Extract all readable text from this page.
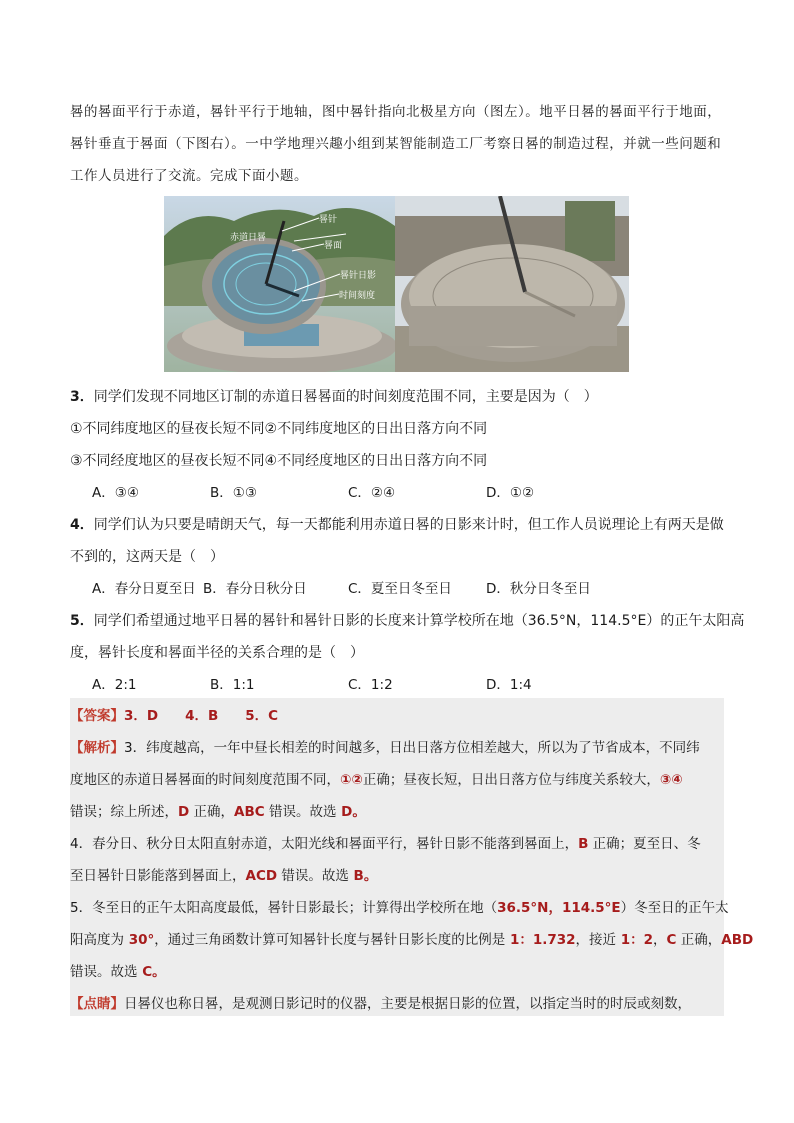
晷的晷面平行于赤道，晷针平行于地轴，图中晷针指向北极星方向（图左）。地平日晷的晷面平行于地面，

晷针垂直于晷面（下图右）。一中学地理兴趣小组到某智能制造工厂考察日晷的制造过程，并就一些问题和

工作人员进行了交流。完成下面小题。

晷针
赤道日晷
晷面
晷针日影
时间刻度
3．同学们发现不同地区订制的赤道日晷晷面的时间刻度范围不同，主要是因为（　）
①不同纬度地区的昼夜长短不同②不同纬度地区的日出日落方向不同
③不同经度地区的昼夜长短不同④不同经度地区的日出日落方向不同
A．③④	B．①③	C．②④	D．①②
4．同学们认为只要是晴朗天气，每一天都能利用赤道日晷的日影来计时，但工作人员说理论上有两天是做
不到的，这两天是（　）
A．春分日夏至日 B．春分日秋分日	C．夏至日冬至日	D．秋分日冬至日
5．同学们希望通过地平日晷的晷针和晷针日影的长度来计算学校所在地（36.5°N，114.5°E）的正午太阳高
度，晷针长度和晷面半径的关系合理的是（　）
A．2:1	B．1:1	C．1:2	D．1:4
【答案】3．D　　4．B　　5．C
【解析】3．纬度越高，一年中昼长相差的时间越多，日出日落方位相差越大，所以为了节省成本，不同纬
度地区的赤道日晷晷面的时间刻度范围不同，①②正确；昼夜长短，日出日落方位与纬度关系较大，③④
错误；综上所述，D 正确，ABC 错误。故选 D。
4．春分日、秋分日太阳直射赤道，太阳光线和晷面平行，晷针日影不能落到晷面上，B 正确；夏至日、冬
至日晷针日影能落到晷面上，ACD 错误。故选 B。
5．冬至日的正午太阳高度最低，晷针日影最长；计算得出学校所在地（36.5°N，114.5°E）冬至日的正午太
阳高度为 30°，通过三角函数计算可知晷针长度与晷针日影长度的比例是 1：1.732，接近 1：2，C 正确，ABD
错误。故选 C。
【点睛】日晷仪也称日晷，是观测日影记时的仪器，主要是根据日影的位置，以指定当时的时辰或刻数，
